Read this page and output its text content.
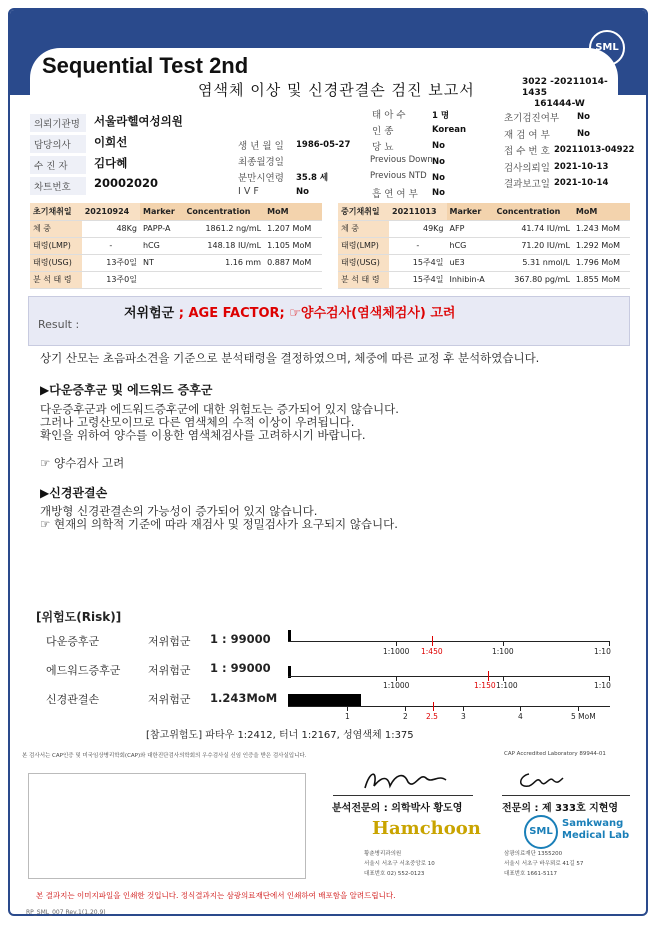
SML
Sequential Test 2nd
염색체 이상 및 신경관결손 검진 보고서	3022 -20211014-1435
161444-W
의뢰기관명	서울라헬여성의원
담당의사	이희선
수 진 자	김다혜
차트번호	20002020
생 년 월 일 1986-05-27
최종월경일
분만시연령 35.8 세
I V F	No
태 아 수	1 명
인 종	Korean
당 뇨	No
Previous Down No
Previous NTD No
흡 연 여 부 No
초기검진여부 No
재 검 여 부	No
접 수 번 호 20211013-04922
검사의뢰일 2021-10-13
결과보고일 2021-10-14
초기채취일	20210924	Marker	Concentration	MoM
체 중	48Kg	PAPP-A	1861.2 ng/mL	1.207 MoM
태령(LMP)	-	hCG	148.18 IU/mL	1.105 MoM
태령(USG)	13주0일	NT	1.16 mm	0.887 MoM
분 석 태 령	13주0일			
중기채취일	20211013	Marker	Concentration	MoM
체 중	49Kg	AFP	41.74 IU/mL	1.243 MoM
태령(LMP)	-	hCG	71.20 IU/mL	1.292 MoM
태령(USG)	15주4일	uE3	5.31 nmol/L	1.796 MoM
분 석 태 령	15주4일	Inhibin-A	367.80 pg/mL	1.855 MoM
Result :
저위험군 ; AGE FACTOR; ☞양수검사(염색체검사) 고려
상기 산모는 초음파소견을 기준으로 분석태령을 결정하였으며, 체중에 따른 교정 후 분석하였습니다.
▶다운증후군 및 에드워드 증후군
다운증후군과 에드워드증후군에 대한 위험도는 증가되어 있지 않습니다.
그러나 고령산모이므로 다른 염색체의 수적 이상이 우려됩니다.
확인을 위하여 양수를 이용한 염색체검사를 고려하시기 바랍니다.
☞ 양수검사 고려
▶신경관결손
개방형 신경관결손의 가능성이 증가되어 있지 않습니다.
☞ 현재의 의학적 기준에 따라 재검사 및 정밀검사가 요구되지 않습니다.
[위험도(Risk)]
다운증후군	저위험군 1 : 99000
1:1000 1:450	1:100	1:10
에드워드증후군	저위험군 1 : 99000
1:1000	1:150 1:100	1:10
신경관결손	저위험군 1.243MoM
1	2 2.5	3	4	5 MoM
[참고위험도] 파타우 1:2412, 터너 1:2167, 성염색체 1:375
본 검사서는 CAP인증 및 미국임상병리학회(CAP)와 대한진단검사의학회의 우수검사실 신임 인증을 받은 검사실입니다.	CAP Accredited Laboratory 89944-01
분석전문의 : 의학박사 황도영
Hamchoon
황춘병리과의원
서울시 서초구 서초중앙로 10
대표번호 02) 552-0123
전문의 : 제 333호 지현영
SML
Samkwang
Medical Lab
삼광의료재단 1355200
서울시 서초구 바우뫼로 41길 57
대표번호 1661-5117
본 결과지는 이미지파일을 인쇄한 것입니다. 정식결과지는 삼광의료재단에서 인쇄하여 배포함을 알려드립니다.
RP_SML_007 Rev.1(1.20.9)
